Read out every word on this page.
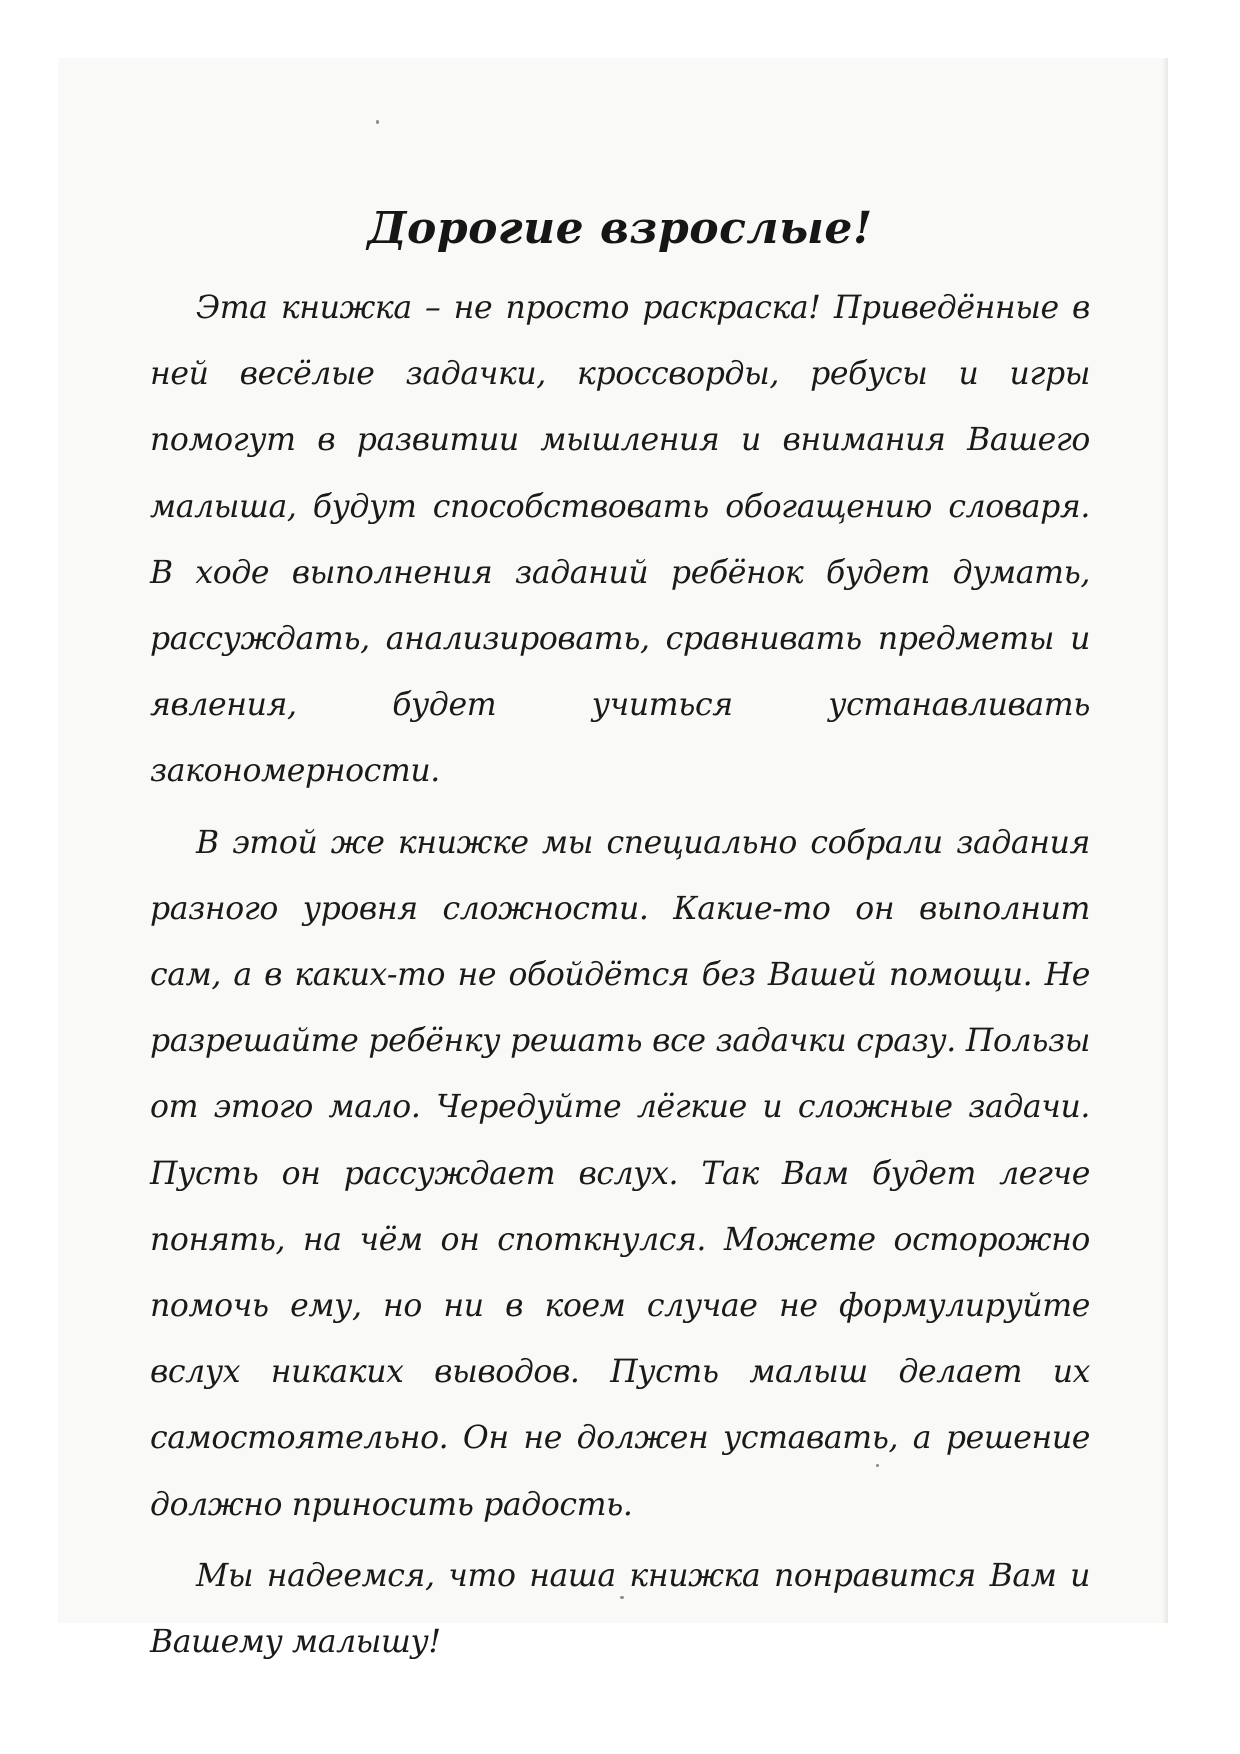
Дорогие взрослые!

Эта книжка – не просто раскраска! Приведённые в ней весёлые задачки, кроссворды, ребусы и игры помогут в развитии мышления и внимания Вашего малыша, будут способствовать обогащению словаря. В ходе выполнения заданий ребёнок будет думать, рассуждать, анализировать, сравнивать предметы и явления, будет учиться устанавливать закономерности.

В этой же книжке мы специально собрали задания разного уровня сложности. Какие-то он выполнит сам, а в каких-то не обойдётся без Вашей помощи. Не разрешайте ребёнку решать все задачки сразу. Пользы от этого мало. Чередуйте лёгкие и сложные задачи. Пусть он рассуждает вслух. Так Вам будет легче понять, на чём он споткнулся. Можете осторожно помочь ему, но ни в коем случае не формулируйте вслух никаких выводов. Пусть малыш делает их самостоятельно. Он не должен уставать, а решение должно приносить радость.

Мы надеемся, что наша книжка понравится Вам и Вашему малышу!
